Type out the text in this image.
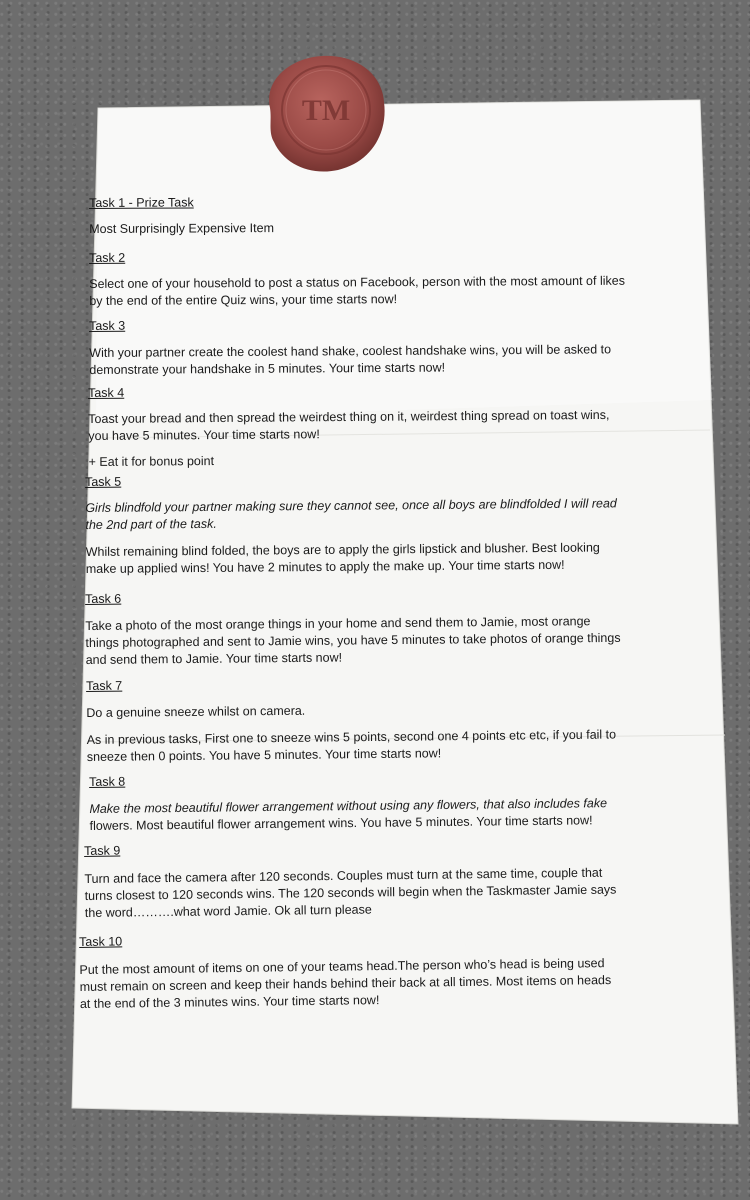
TM
Task 1 - Prize Task
Most Surprisingly Expensive Item
Task 2
Select one of your household to post a status on Facebook, person with the most amount of likes
by the end of the entire Quiz wins, your time starts now!
Task 3
With your partner create the coolest hand shake, coolest handshake wins, you will be asked to
demonstrate your handshake in 5 minutes. Your time starts now!
Task 4
Toast your bread and then spread the weirdest thing on it, weirdest thing spread on toast wins,
you have 5 minutes. Your time starts now!
+ Eat it for bonus point
Task 5
Girls blindfold your partner making sure they cannot see, once all boys are blindfolded I will read
the 2nd part of the task.
Whilst remaining blind folded, the boys are to apply the girls lipstick and blusher. Best looking
make up applied wins! You have 2 minutes to apply the make up. Your time starts now!
Task 6
Take a photo of the most orange things in your home and send them to Jamie, most orange
things photographed and sent to Jamie wins, you have 5 minutes to take photos of orange things
and send them to Jamie. Your time starts now!
Task 7
Do a genuine sneeze whilst on camera.
As in previous tasks, First one to sneeze wins 5 points, second one 4 points etc etc, if you fail to
sneeze then 0 points. You have 5 minutes. Your time starts now!
Task 8
Make the most beautiful flower arrangement without using any flowers, that also includes fake
flowers. Most beautiful flower arrangement wins. You have 5 minutes. Your time starts now!
Task 9
Turn and face the camera after 120 seconds. Couples must turn at the same time, couple that
turns closest to 120 seconds wins. The 120 seconds will begin when the Taskmaster Jamie says
the word……….what word Jamie. Ok all turn please
Task 10
Put the most amount of items on one of your teams head.The person who’s head is being used
must remain on screen and keep their hands behind their back at all times. Most items on heads
at the end of the 3 minutes wins. Your time starts now!
